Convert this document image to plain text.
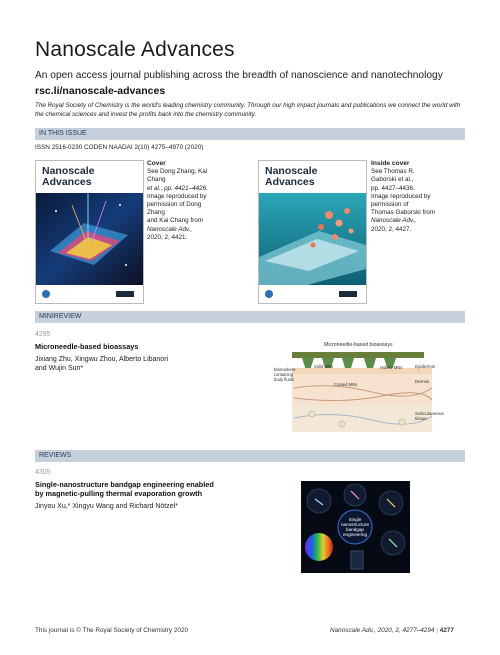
Nanoscale Advances
An open access journal publishing across the breadth of nanoscience and nanotechnology
rsc.li/nanoscale-advances
The Royal Society of Chemistry is the world's leading chemistry community. Through our high impact journals and publications we connect the world with the chemical sciences and invest the profits back into the chemistry community.
IN THIS ISSUE
ISSN 2516-0230 CODEN NAADAI 2(10) 4275–4970 (2020)
Nanoscale
Advances
Cover
See Dong Zhang, Kai Chang
et al., pp. 4421–4426.
Image reproduced by
permission of Dong Zhang
and Kai Chang from
Nanoscale Adv.,
2020, 2, 4421.
Nanoscale
Advances
Inside cover
See Thomas R. Gaborski et al.,
pp. 4427–4436.
Image reproduced by
permission of
Thomas Gaborski from
Nanoscale Adv.,
2020, 2, 4427.
MINIREVIEW
4295
Microneedle-based bioassays
Jixiang Zhu, Xingwu Zhou, Alberto Libanori
and Wujin Sun*
Microneedle-based bioassays
Epidermis
Dermis
Subcutaneous
tissue
Biomarkers-
containing
body fluids
Solid MNs	Hollow MNs
Coated MNs
REVIEWS
4305
Single-nanostructure bandgap engineering enabled
by magnetic-pulling thermal evaporation growth
Jinyou Xu,* Xingyu Wang and Richard Nötzel*
Single
nanostructure
bandgap
engineering
This journal is © The Royal Society of Chemistry 2020	Nanoscale Adv., 2020, 2, 4277–4294 | 4277
